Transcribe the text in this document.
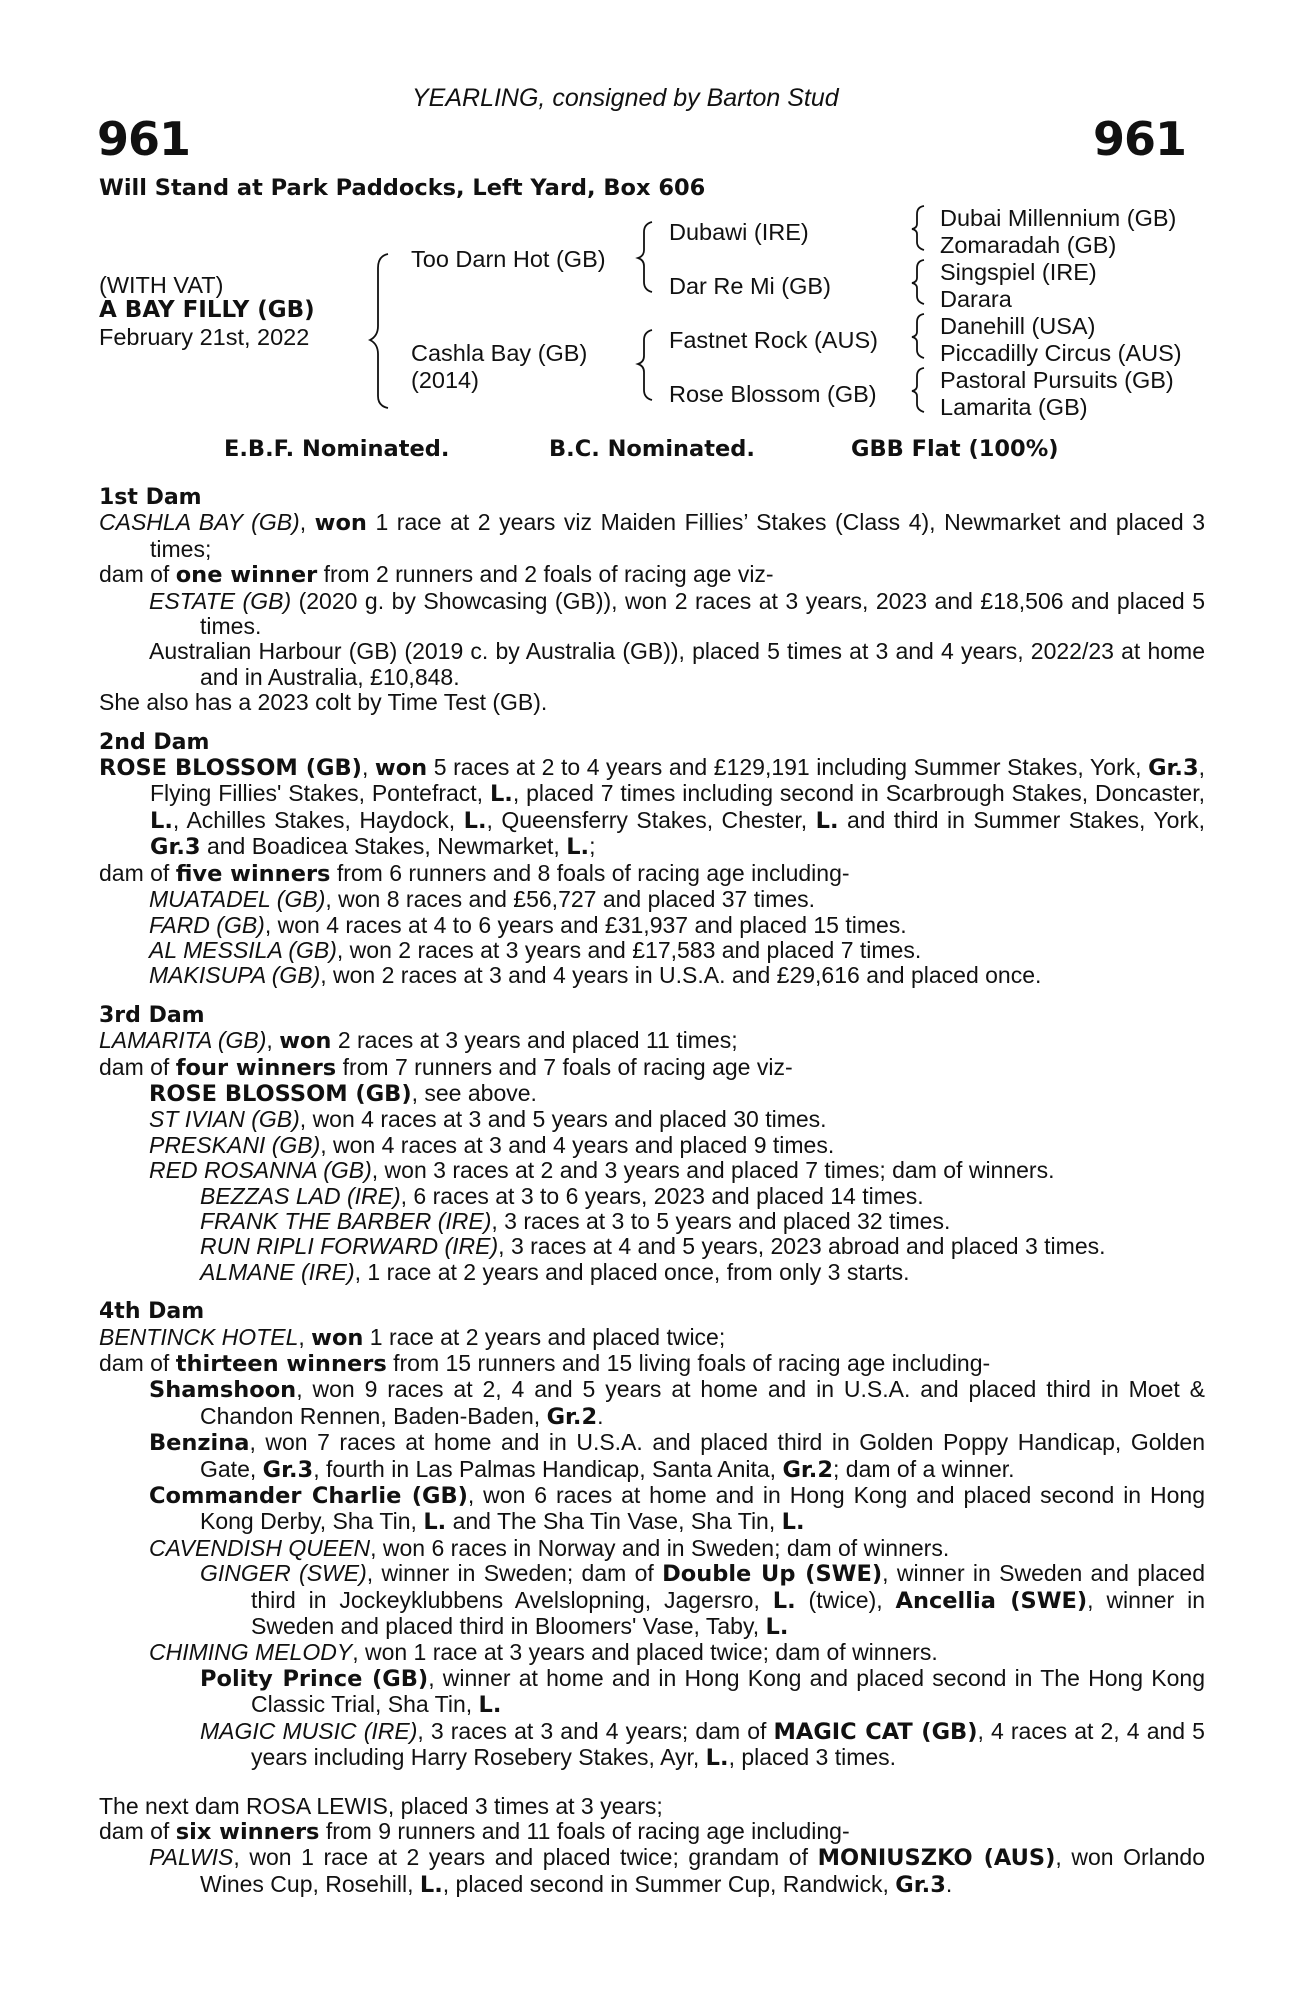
YEARLING, consigned by Barton Stud
961	961
Will Stand at Park Paddocks, Left Yard, Box 606
(WITH VAT)
A BAY FILLY (GB)
February 21st, 2022
Too Darn Hot (GB)
Cashla Bay (GB)
(2014)
Dubawi (IRE)
Dar Re Mi (GB)
Fastnet Rock (AUS)
Rose Blossom (GB)
Dubai Millennium (GB)
Zomaradah (GB)
Singspiel (IRE)
Darara
Danehill (USA)
Piccadilly Circus (AUS)
Pastoral Pursuits (GB)
Lamarita (GB)
E.B.F. Nominated.	B.C. Nominated.	GBB Flat (100%)
1st Dam
CASHLA BAY (GB), won 1 race at 2 years viz Maiden Fillies’ Stakes (Class 4), Newmarket and placed 3 times;
dam of one winner from 2 runners and 2 foals of racing age viz-
ESTATE (GB) (2020 g. by Showcasing (GB)), won 2 races at 3 years, 2023 and £18,506 and placed 5 times.
Australian Harbour (GB) (2019 c. by Australia (GB)), placed 5 times at 3 and 4 years, 2022/23 at home and in Australia, £10,848.
She also has a 2023 colt by Time Test (GB).
2nd Dam
ROSE BLOSSOM (GB), won 5 races at 2 to 4 years and £129,191 including Summer Stakes, York, Gr.3, Flying Fillies' Stakes, Pontefract, L., placed 7 times including second in Scarbrough Stakes, Doncaster, L., Achilles Stakes, Haydock, L., Queensferry Stakes, Chester, L. and third in Summer Stakes, York, Gr.3 and Boadicea Stakes, Newmarket, L.;
dam of five winners from 6 runners and 8 foals of racing age including-
MUATADEL (GB), won 8 races and £56,727 and placed 37 times.
FARD (GB), won 4 races at 4 to 6 years and £31,937 and placed 15 times.
AL MESSILA (GB), won 2 races at 3 years and £17,583 and placed 7 times.
MAKISUPA (GB), won 2 races at 3 and 4 years in U.S.A. and £29,616 and placed once.
3rd Dam
LAMARITA (GB), won 2 races at 3 years and placed 11 times;
dam of four winners from 7 runners and 7 foals of racing age viz-
ROSE BLOSSOM (GB), see above.
ST IVIAN (GB), won 4 races at 3 and 5 years and placed 30 times.
PRESKANI (GB), won 4 races at 3 and 4 years and placed 9 times.
RED ROSANNA (GB), won 3 races at 2 and 3 years and placed 7 times; dam of winners.
BEZZAS LAD (IRE), 6 races at 3 to 6 years, 2023 and placed 14 times.
FRANK THE BARBER (IRE), 3 races at 3 to 5 years and placed 32 times.
RUN RIPLI FORWARD (IRE), 3 races at 4 and 5 years, 2023 abroad and placed 3 times.
ALMANE (IRE), 1 race at 2 years and placed once, from only 3 starts.
4th Dam
BENTINCK HOTEL, won 1 race at 2 years and placed twice;
dam of thirteen winners from 15 runners and 15 living foals of racing age including-
Shamshoon, won 9 races at 2, 4 and 5 years at home and in U.S.A. and placed third in Moet & Chandon Rennen, Baden-Baden, Gr.2.
Benzina, won 7 races at home and in U.S.A. and placed third in Golden Poppy Handicap, Golden Gate, Gr.3, fourth in Las Palmas Handicap, Santa Anita, Gr.2; dam of a winner.
Commander Charlie (GB), won 6 races at home and in Hong Kong and placed second in Hong Kong Derby, Sha Tin, L. and The Sha Tin Vase, Sha Tin, L.
CAVENDISH QUEEN, won 6 races in Norway and in Sweden; dam of winners.
GINGER (SWE), winner in Sweden; dam of Double Up (SWE), winner in Sweden and placed third in Jockeyklubbens Avelslopning, Jagersro, L. (twice), Ancellia (SWE), winner in Sweden and placed third in Bloomers' Vase, Taby, L.
CHIMING MELODY, won 1 race at 3 years and placed twice; dam of winners.
Polity Prince (GB), winner at home and in Hong Kong and placed second in The Hong Kong Classic Trial, Sha Tin, L.
MAGIC MUSIC (IRE), 3 races at 3 and 4 years; dam of MAGIC CAT (GB), 4 races at 2, 4 and 5 years including Harry Rosebery Stakes, Ayr, L., placed 3 times.
The next dam ROSA LEWIS, placed 3 times at 3 years;
dam of six winners from 9 runners and 11 foals of racing age including-
PALWIS, won 1 race at 2 years and placed twice; grandam of MONIUSZKO (AUS), won Orlando Wines Cup, Rosehill, L., placed second in Summer Cup, Randwick, Gr.3.
